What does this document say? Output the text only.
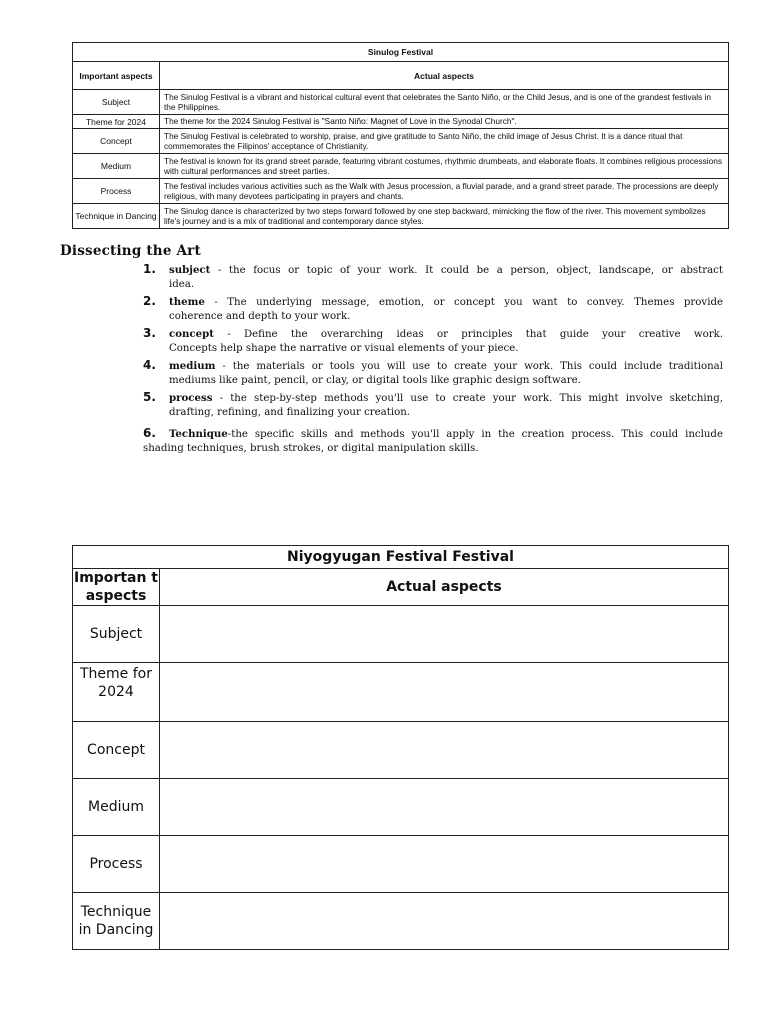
Sinulog Festival	
Important aspects	Actual aspects
Subject	The Sinulog Festival is a vibrant and historical cultural event that celebrates the Santo Niño, or the Child Jesus, and is one of the grandest festivals in the Philippines.
Theme for 2024	The theme for the 2024 Sinulog Festival is "Santo Niño: Magnet of Love in the Synodal Church".
Concept	The Sinulog Festival is celebrated to worship, praise, and give gratitude to Santo Niño, the child image of Jesus Christ. It is a dance ritual that commemorates the Filipinos' acceptance of Christianity.
Medium	The festival is known for its grand street parade, featuring vibrant costumes, rhythmic drumbeats, and elaborate floats. It combines religious processions with cultural performances and street parties.
Process	The festival includes various activities such as the Walk with Jesus procession, a fluvial parade, and a grand street parade. The processions are deeply religious, with many devotees participating in prayers and chants.
Technique in Dancing	The Sinulog dance is characterized by two steps forward followed by one step backward, mimicking the flow of the river. This movement symbolizes life's journey and is a mix of traditional and contemporary dance styles.
Dissecting the Art
1. subject - the focus or topic of your work. It could be a person, object, landscape, or abstract
idea.
2. theme - The underlying message, emotion, or concept you want to convey. Themes provide
coherence and depth to your work.
3. concept - Define the overarching ideas or principles that guide your creative work.
Concepts help shape the narrative or visual elements of your piece.
4. medium - the materials or tools you will use to create your work. This could include traditional
mediums like paint, pencil, or clay, or digital tools like graphic design software.
5. process - the step-by-step methods you'll use to create your work. This might involve sketching,
drafting, refining, and finalizing your creation.
6. Technique-the specific skills and methods you'll apply in the creation process. This could include
shading techniques, brush strokes, or digital manipulation skills.
Niyogyugan Festival Festival	
Importan t aspects	Actual aspects
Subject	
Theme for 2024	
Concept	
Medium	
Process	
Technique in Dancing	
